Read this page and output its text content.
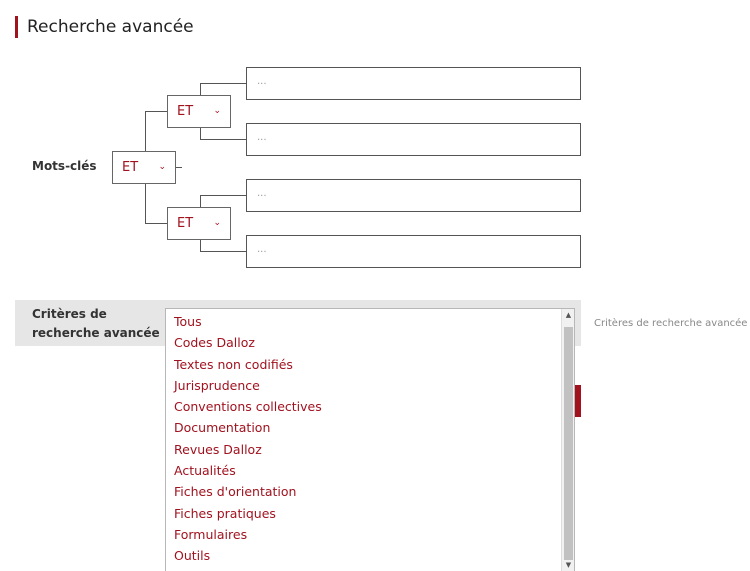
Recherche avancée
Mots-clés	ET ⌄
ET ⌄
ET ⌄
...
...
...
...
Critères de recherche avancée
Critères de recherche avancée
Tous
Codes Dalloz
Textes non codifiés
Jurisprudence
Conventions collectives
Documentation
Revues Dalloz
Actualités
Fiches d'orientation
Fiches pratiques
Formulaires
Outils
▲
▼
